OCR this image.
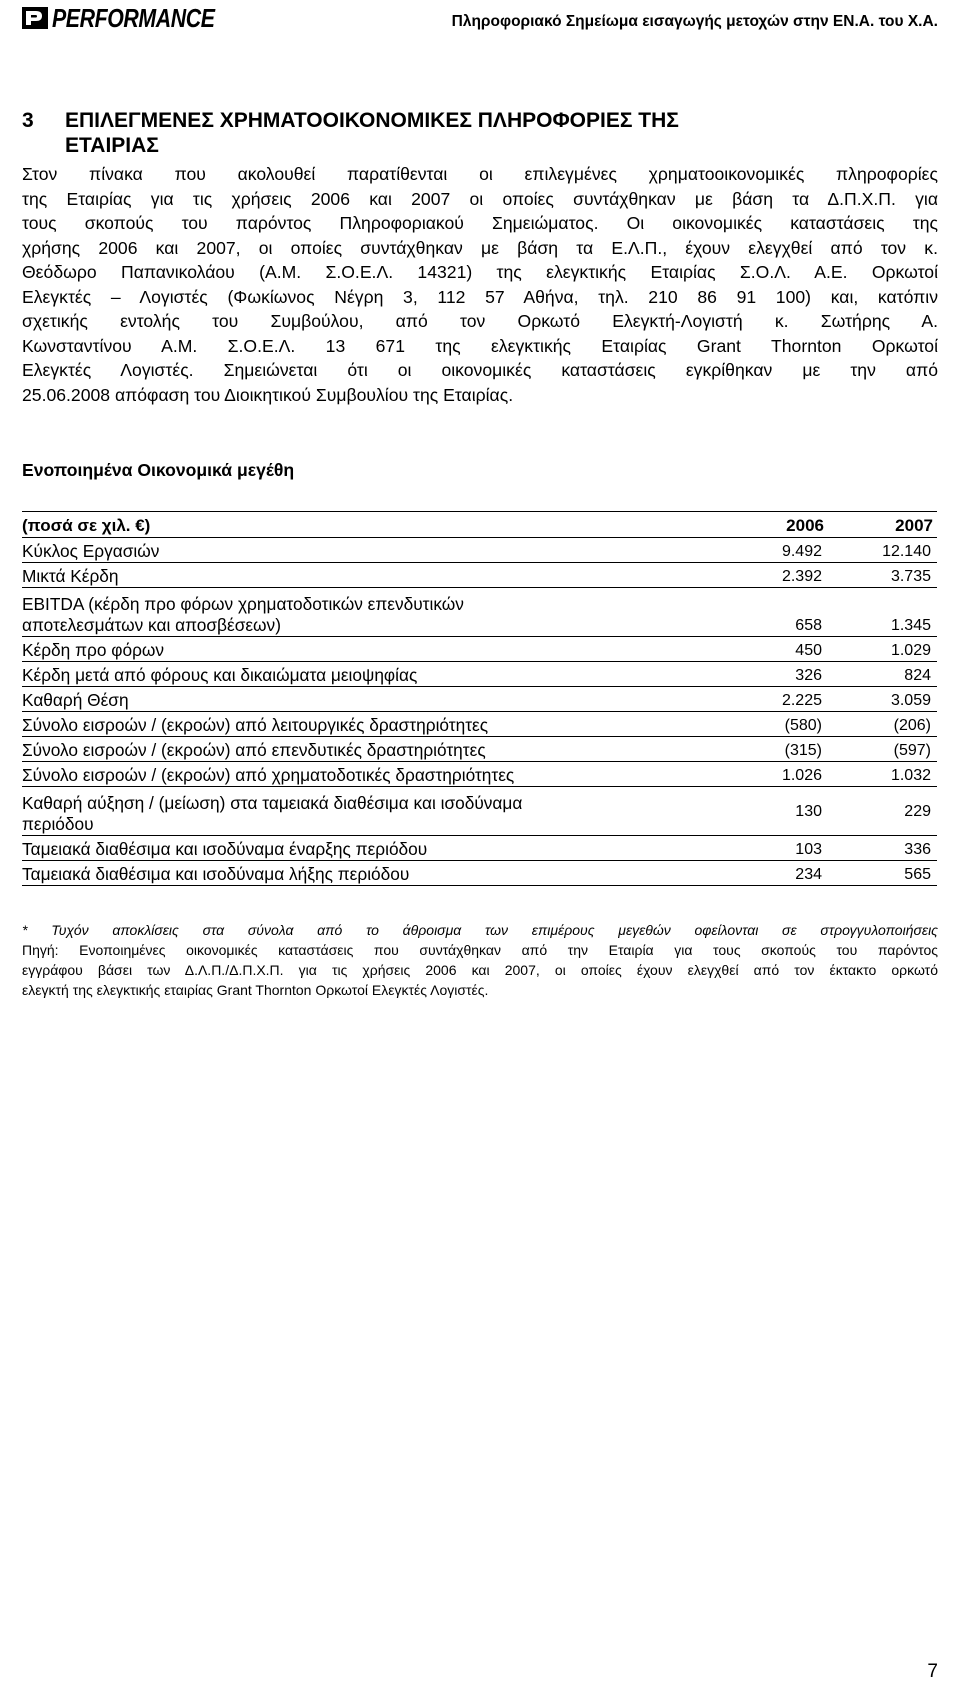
PERFORMANCE	Πληροφοριακό Σημείωμα εισαγωγής μετοχών στην ΕΝ.Α. του Χ.Α.
3 ΕΠΙΛΕΓΜΕΝΕΣ ΧΡΗΜΑΤΟΟΙΚΟΝΟΜΙΚΕΣ ΠΛΗΡΟΦΟΡΙΕΣ ΤΗΣ
ΕΤΑΙΡΙΑΣ
Στον πίνακα που ακολουθεί παρατίθενται οι επιλεγμένες χρηματοοικονομικές πληροφορίες
της Εταιρίας για τις χρήσεις 2006 και 2007 οι οποίες συντάχθηκαν με βάση τα Δ.Π.Χ.Π. για
τους σκοπούς του παρόντος Πληροφοριακού Σημειώματος. Οι οικονομικές καταστάσεις της
χρήσης 2006 και 2007, οι οποίες συντάχθηκαν με βάση τα Ε.Λ.Π., έχουν ελεγχθεί από τον κ.
Θεόδωρο Παπανικολάου (Α.Μ. Σ.Ο.Ε.Λ. 14321) της ελεγκτικής Εταιρίας Σ.Ο.Λ. Α.Ε. Ορκωτοί
Ελεγκτές – Λογιστές (Φωκίωνος Νέγρη 3, 112 57 Αθήνα, τηλ. 210 86 91 100) και, κατόπιν
σχετικής εντολής του Συμβούλου, από τον Ορκωτό Ελεγκτή-Λογιστή κ. Σωτήρης Α.
Κωνσταντίνου Α.Μ. Σ.Ο.Ε.Λ. 13 671 της ελεγκτικής Εταιρίας Grant Thornton Ορκωτοί
Ελεγκτές Λογιστές. Σημειώνεται ότι οι οικονομικές καταστάσεις εγκρίθηκαν με την από
25.06.2008 απόφαση του Διοικητικού Συμβουλίου της Εταιρίας.
Ενοποιημένα Οικονομικά μεγέθη
(ποσά σε χιλ. €)	2006	2007
Κύκλος Εργασιών	9.492	12.140
Μικτά Κέρδη	2.392	3.735

EBITDA (κέρδη προ φόρων χρηματοδοτικών επενδυτικών
αποτελεσμάτων και αποσβέσεων)	658	1.345
Κέρδη προ φόρων	450	1.029
Κέρδη μετά από φόρους και δικαιώματα μειοψηφίας	326	824
Καθαρή Θέση	2.225	3.059
Σύνολο εισροών / (εκροών) από λειτουργικές δραστηριότητες	(580)	(206)
Σύνολο εισροών / (εκροών) από επενδυτικές δραστηριότητες	(315)	(597)
Σύνολο εισροών / (εκροών) από χρηματοδοτικές δραστηριότητες	1.026	1.032

Καθαρή αύξηση / (μείωση) στα ταμειακά διαθέσιμα και ισοδύναμα
περιόδου	130	229
Ταμειακά διαθέσιμα και ισοδύναμα έναρξης περιόδου	103	336
Ταμειακά διαθέσιμα και ισοδύναμα λήξης περιόδου	234	565
* Τυχόν αποκλίσεις στα σύνολα από το άθροισμα των επιμέρους μεγεθών οφείλονται σε στρογγυλοποιήσεις
Πηγή: Ενοποιημένες οικονομικές καταστάσεις που συντάχθηκαν από την Εταιρία για τους σκοπούς του παρόντος
εγγράφου βάσει των Δ.Λ.Π./Δ.Π.Χ.Π. για τις χρήσεις 2006 και 2007, οι οποίες έχουν ελεγχθεί από τον έκτακτο ορκωτό
ελεγκτή της ελεγκτικής εταιρίας Grant Thornton Ορκωτοί Ελεγκτές Λογιστές.
7
